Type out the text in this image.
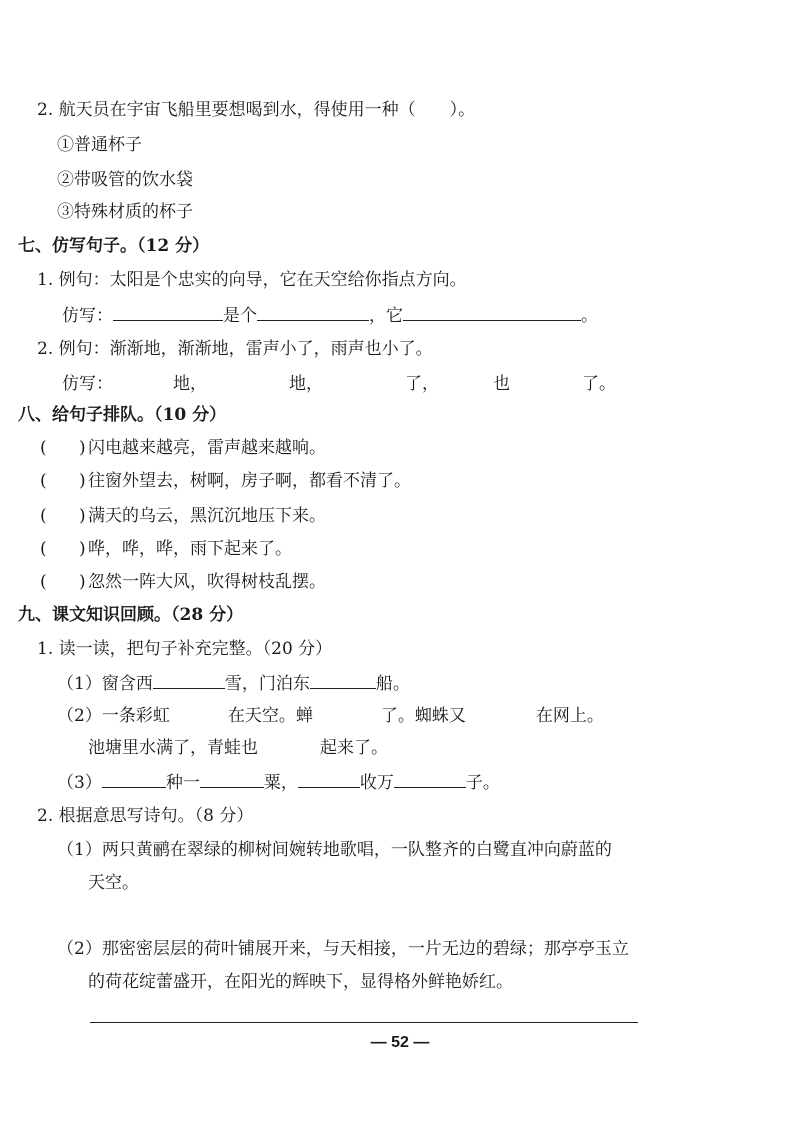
2. 航天员在宇宙飞船里要想喝到水，得使用一种（　　）。
①普通杯子
②带吸管的饮水袋
③特殊材质的杯子
七、仿写句子。（12 分）
1. 例句：太阳是个忠实的向导，它在天空给你指点方向。
仿写：	是个	，它	。
2. 例句：渐渐地，渐渐地，雷声小了，雨声也小了。
仿写：	地，	地，	了，	也	了。
八、给句子排队。（10 分）
(      ) 闪电越来越亮，雷声越来越响。
(      ) 往窗外望去，树啊，房子啊，都看不清了。
(      ) 满天的乌云，黑沉沉地压下来。
(      ) 哗，哗，哗，雨下起来了。
(      ) 忽然一阵大风，吹得树枝乱摆。
九、课文知识回顾。（28 分）
1. 读一读，把句子补充完整。（20 分）
（1）窗含西	雪，门泊东	船。
（2）一条彩虹	在天空。蝉	了。蜘蛛又	在网上。
池塘里水满了，青蛙也	起来了。
（3）	种一	粟，	收万	子。
2. 根据意思写诗句。（8 分）
（1）两只黄鹂在翠绿的柳树间婉转地歌唱，一队整齐的白鹭直冲向蔚蓝的
天空。
（2）那密密层层的荷叶铺展开来，与天相接，一片无边的碧绿；那亭亭玉立
的荷花绽蕾盛开，在阳光的辉映下，显得格外鲜艳娇红。
— 52 —
